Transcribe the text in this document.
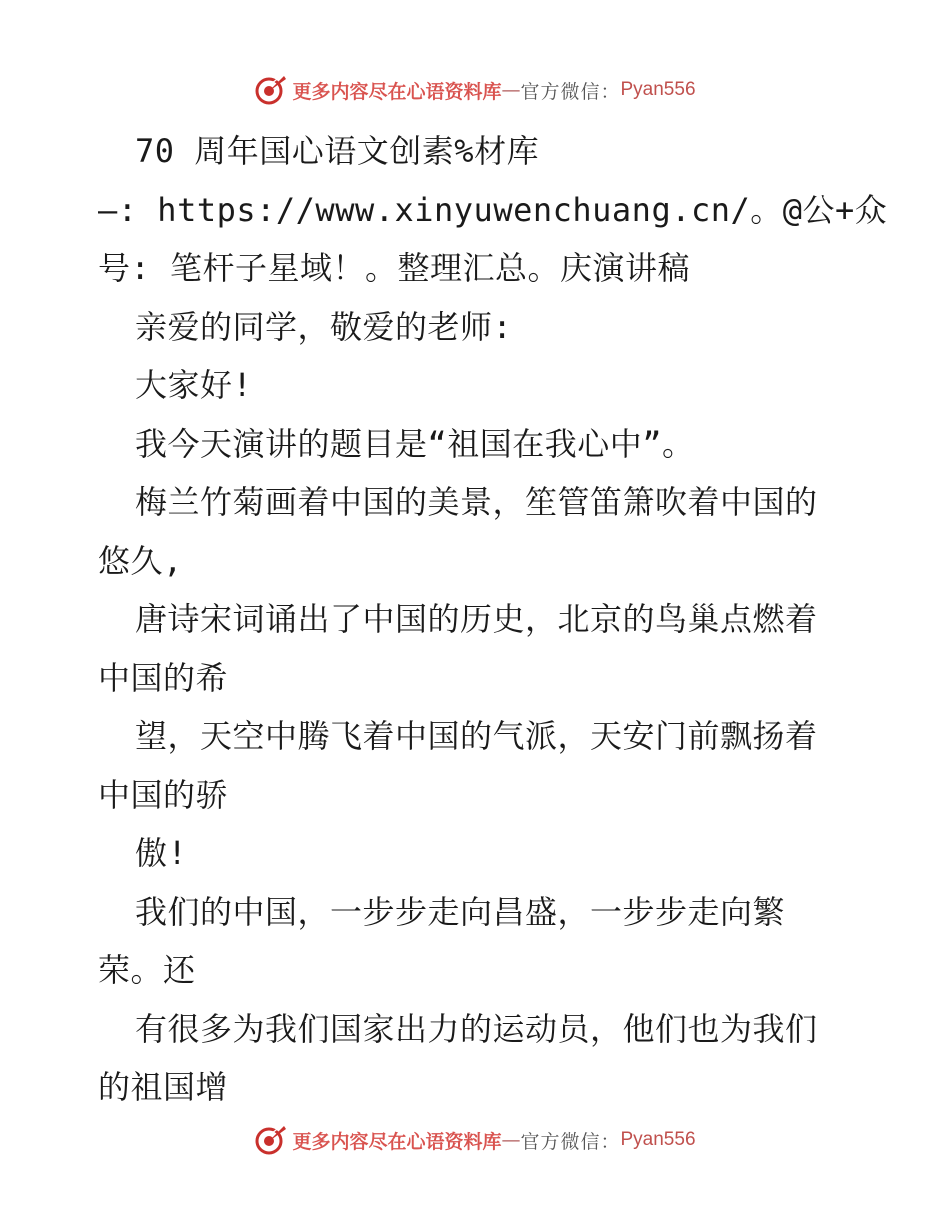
更多内容尽在心语资料库 — 官方微信： Pyan556
70 周年国心语文创素%材库
—: https://www.xinyuwenchuang.cn/。@公+众
号: 笔杆子星域！。整理汇总。庆演讲稿
亲爱的同学，敬爱的老师:
大家好!
我今天演讲的题目是“祖国在我心中”。
梅兰竹菊画着中国的美景，笙管笛箫吹着中国的
悠久,
唐诗宋词诵出了中国的历史，北京的鸟巢点燃着
中国的希
望，天空中腾飞着中国的气派，天安门前飘扬着
中国的骄
傲!
我们的中国，一步步走向昌盛，一步步走向繁
荣。还
有很多为我们国家出力的运动员，他们也为我们
的祖国增
更多内容尽在心语资料库 — 官方微信： Pyan556
